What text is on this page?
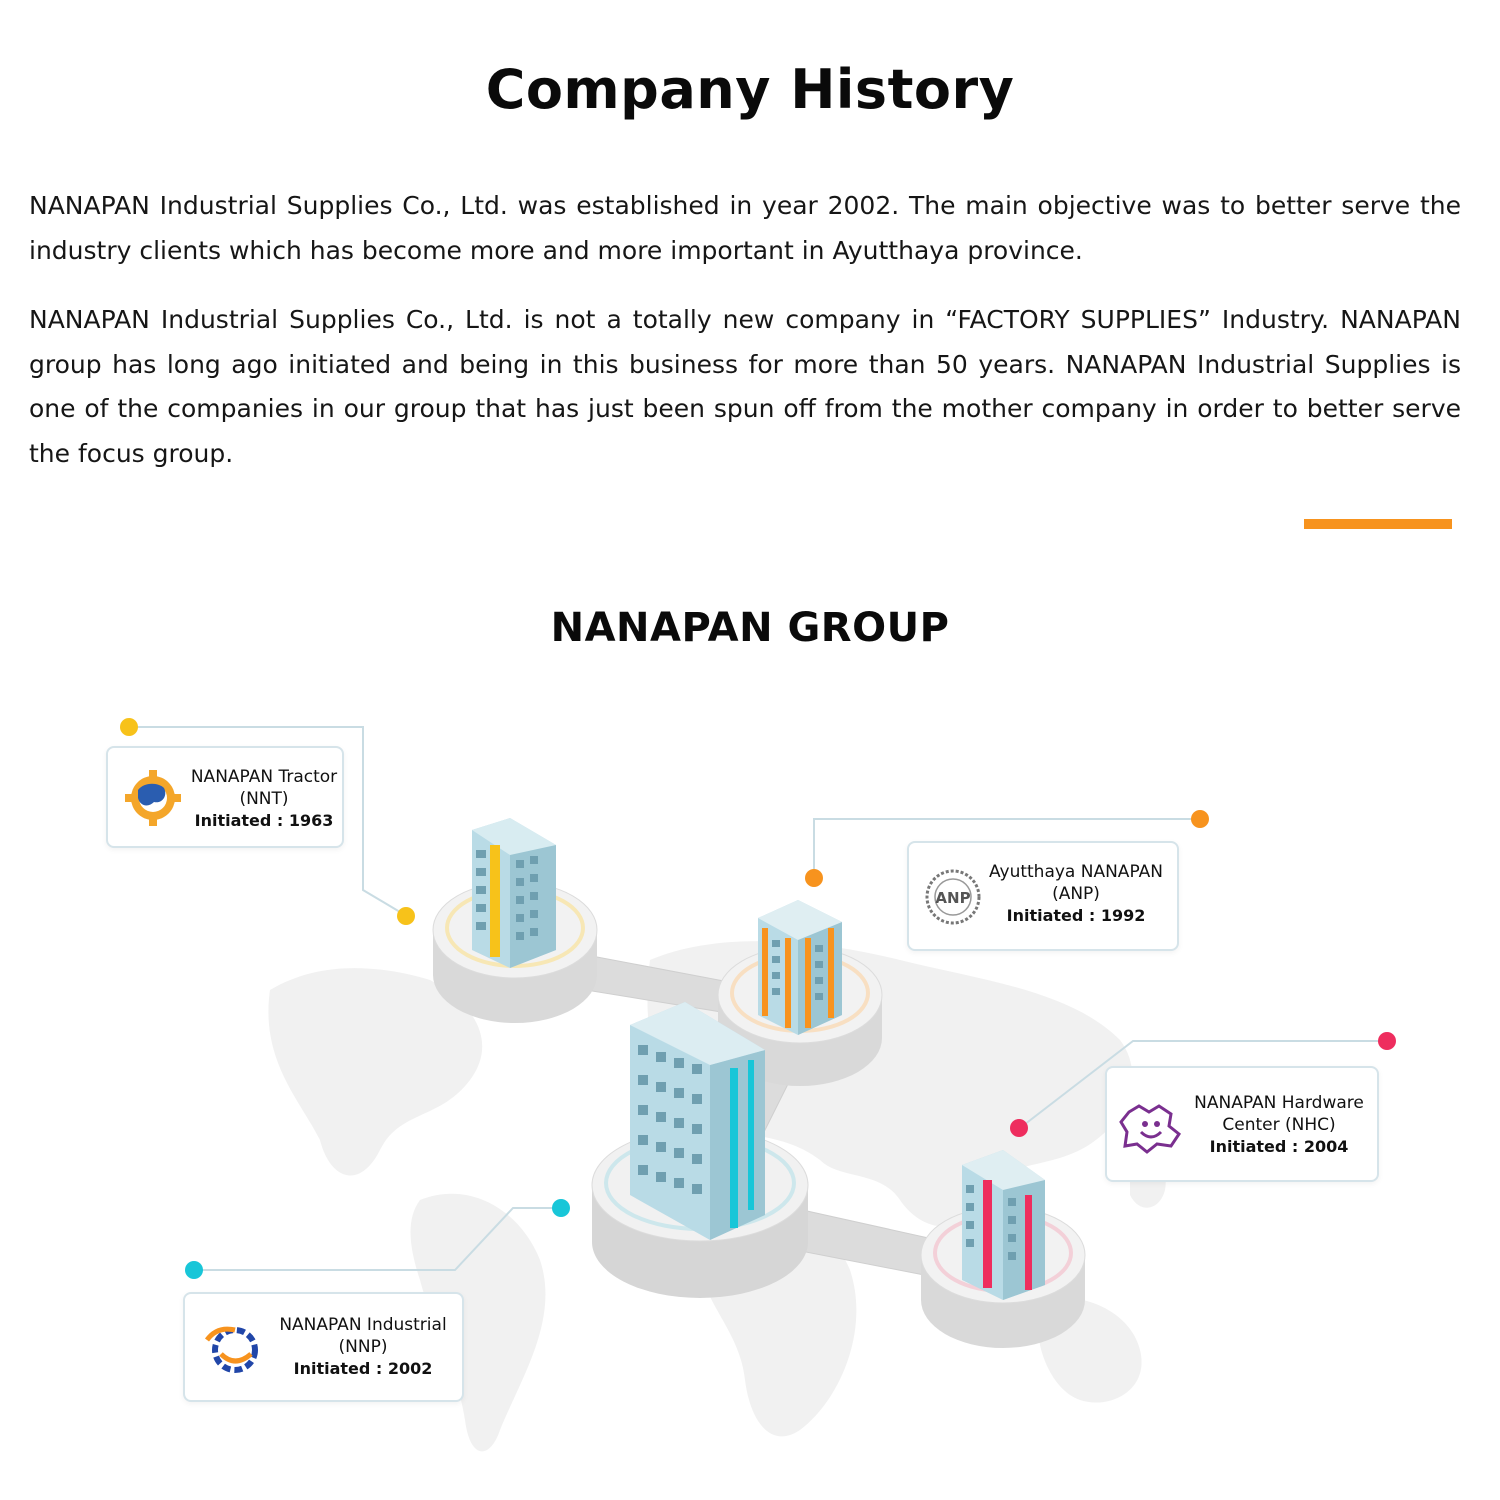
Company History

NANAPAN Industrial Supplies Co., Ltd. was established in year 2002. The main objective was to better serve the industry clients which has become more and more important in Ayutthaya province.

NANAPAN Industrial Supplies Co., Ltd. is not a totally new company in “FACTORY SUPPLIES” Industry. NANAPAN group has long ago initiated and being in this business for more than 50 years. NANAPAN Industrial Supplies is one of the companies in our group that has just been spun off from the mother company in order to better serve the focus group.

NANAPAN GROUP
NANAPAN Tractor
(NNT)
Initiated : 1963
ANP
Ayutthaya NANAPAN
(ANP)
Initiated : 1992
NANAPAN Hardware
Center (NHC)
Initiated : 2004
NANAPAN Industrial
(NNP)
Initiated : 2002
